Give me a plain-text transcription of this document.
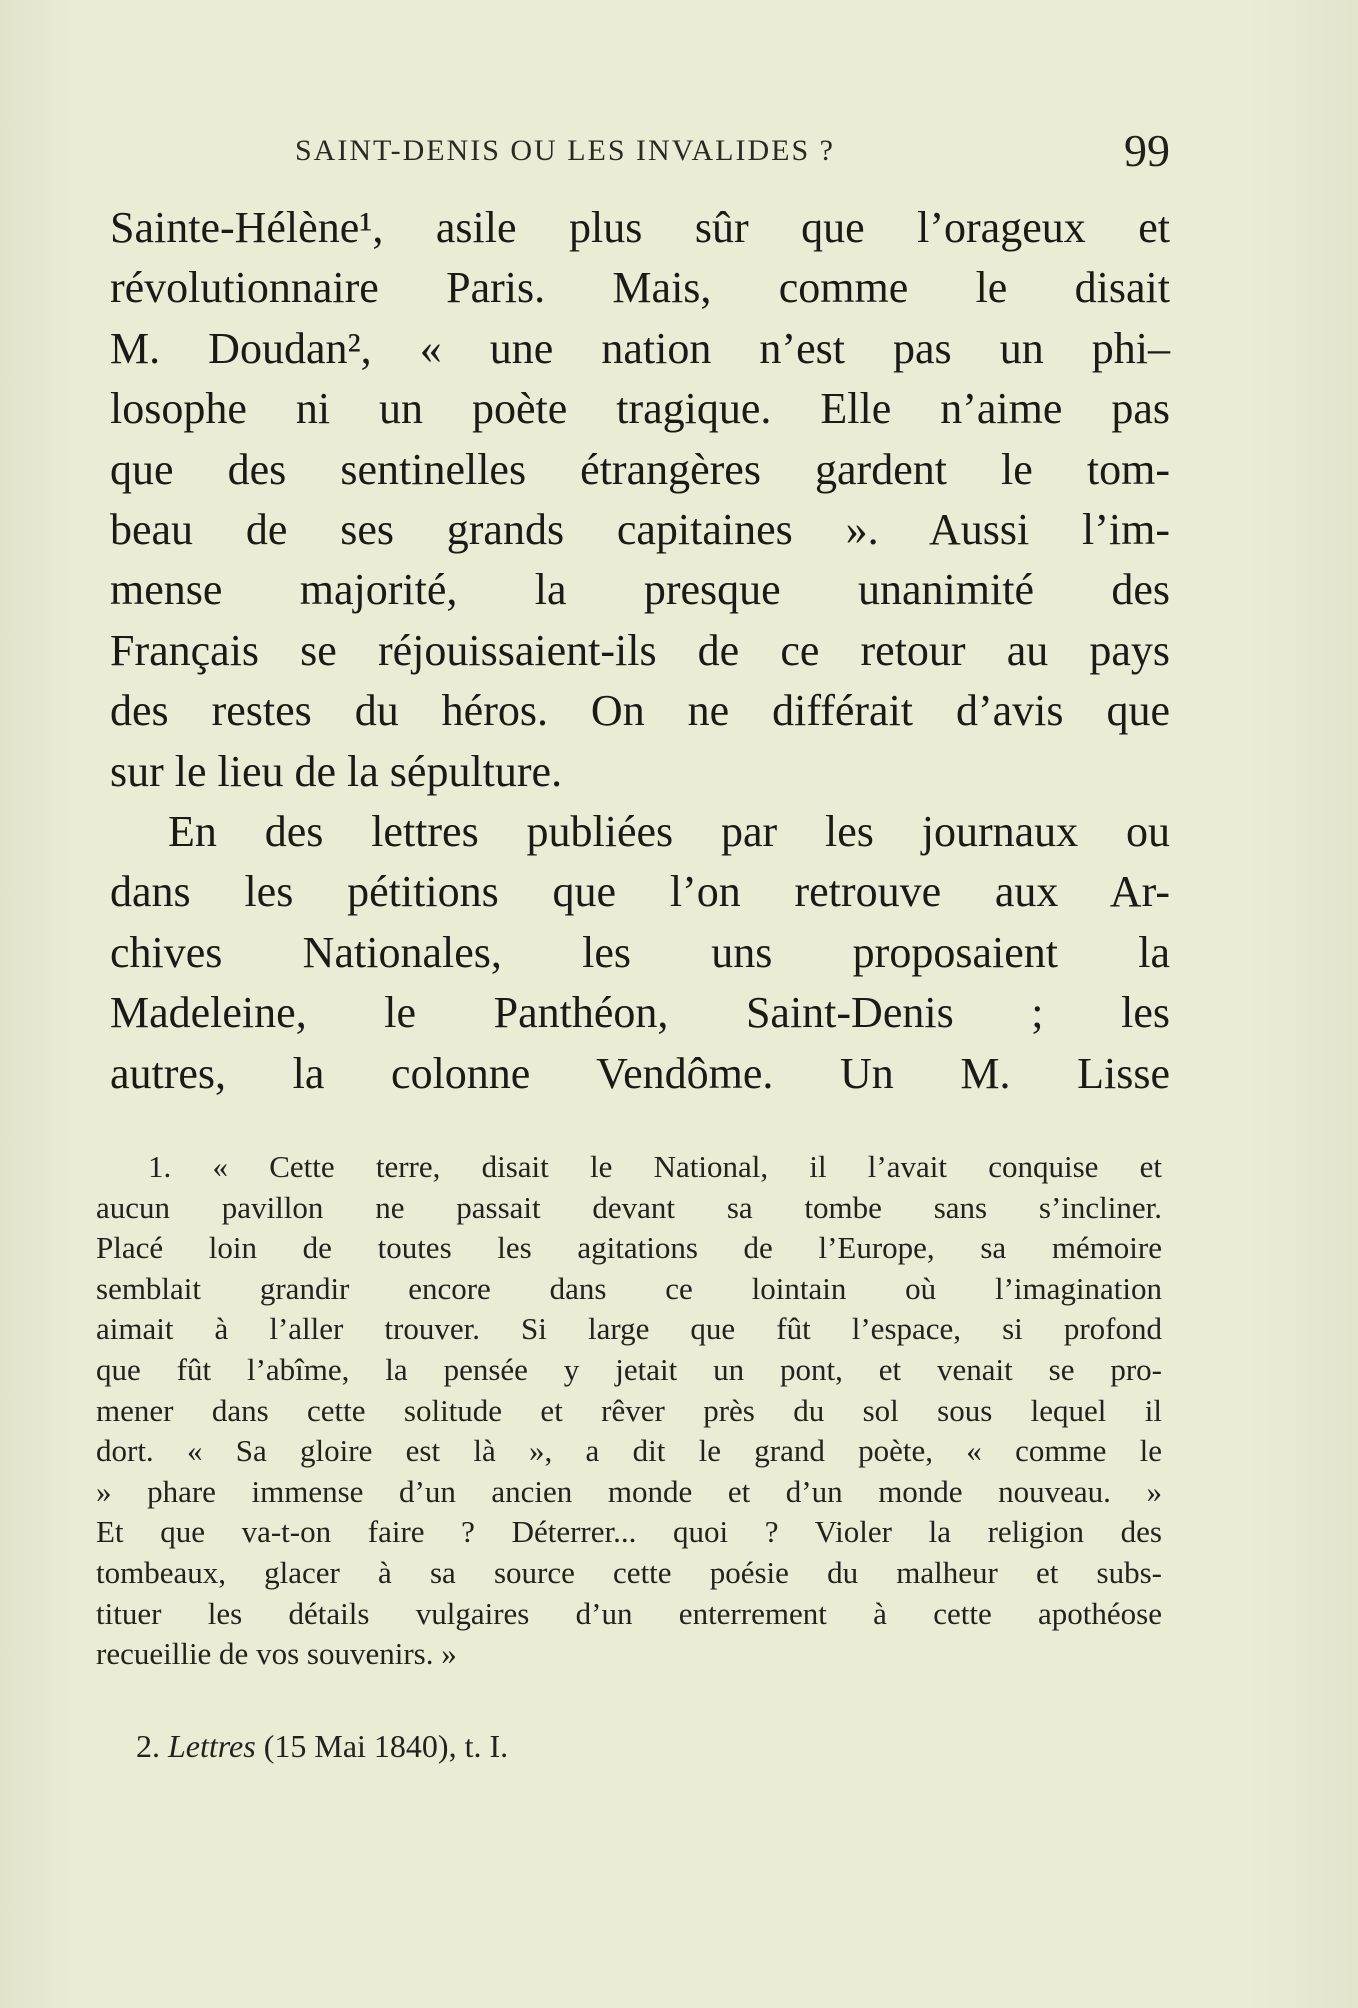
SAINT-DENIS OU LES INVALIDES ?	99
Sainte-Hélène¹, asile plus sûr que l’orageux et
révolutionnaire Paris. Mais, comme le disait
M. Doudan², « une nation n’est pas un phi–
losophe ni un poète tragique. Elle n’aime pas
que des sentinelles étrangères gardent le tom-
beau de ses grands capitaines ». Aussi l’im-
mense majorité, la presque unanimité des
Français se réjouissaient-ils de ce retour au pays
des restes du héros. On ne différait d’avis que
sur le lieu de la sépulture.
En des lettres publiées par les journaux ou
dans les pétitions que l’on retrouve aux Ar-
chives Nationales, les uns proposaient la
Madeleine, le Panthéon, Saint-Denis ; les
autres, la colonne Vendôme. Un M. Lisse
1. « Cette terre, disait le National, il l’avait conquise et
aucun pavillon ne passait devant sa tombe sans s’incliner.
Placé loin de toutes les agitations de l’Europe, sa mémoire
semblait grandir encore dans ce lointain où l’imagination
aimait à l’aller trouver. Si large que fût l’espace, si profond
que fût l’abîme, la pensée y jetait un pont, et venait se pro-
mener dans cette solitude et rêver près du sol sous lequel il
dort. « Sa gloire est là », a dit le grand poète, « comme le
» phare immense d’un ancien monde et d’un monde nouveau. »
Et que va-t-on faire ? Déterrer... quoi ? Violer la religion des
tombeaux, glacer à sa source cette poésie du malheur et subs-
tituer les détails vulgaires d’un enterrement à cette apothéose
recueillie de vos souvenirs. »
2. Lettres (15 Mai 1840), t. I.
